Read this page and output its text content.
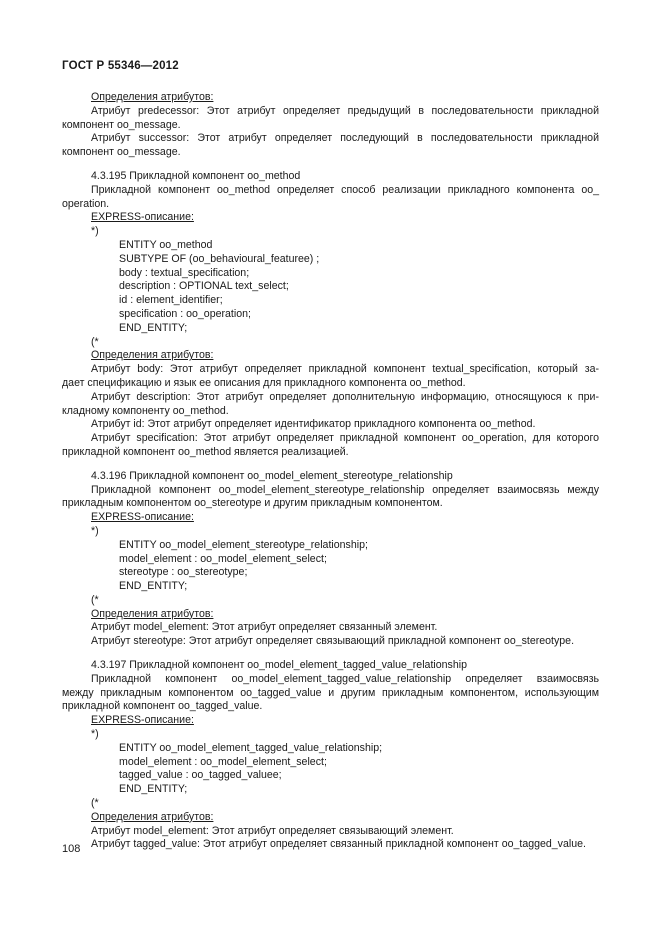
ГОСТ Р 55346—2012
Определения атрибутов:
Атрибут predecessor: Этот атрибут определяет предыдущий в последовательности прикладной
компонент oo_message.
Атрибут successor: Этот атрибут определяет последующий в последовательности прикладной
компонент oo_message.
4.3.195 Прикладной компонент oo_method
Прикладной компонент oo_method определяет способ реализации прикладного компонента oo_
operation.
EXPRESS-описание:
*)
ENTITY oo_method
SUBTYPE OF (oo_behavioural_featuree) ;
body : textual_specification;
description : OPTIONAL text_select;
id : element_identifier;
specification : oo_operation;
END_ENTITY;
(*
Определения атрибутов:
Атрибут body: Этот атрибут определяет прикладной компонент textual_specification, который за-
дает спецификацию и язык ее описания для прикладного компонента oo_method.
Атрибут description: Этот атрибут определяет дополнительную информацию, относящуюся к при-
кладному компоненту oo_method.
Атрибут id: Этот атрибут определяет идентификатор прикладного компонента oo_method.
Атрибут specification: Этот атрибут определяет прикладной компонент oo_operation, для которого
прикладной компонент oo_method является реализацией.
4.3.196 Прикладной компонент oo_model_element_stereotype_relationship
Прикладной компонент oo_model_element_stereotype_relationship определяет взаимосвязь между
прикладным компонентом oo_stereotype и другим прикладным компонентом.
EXPRESS-описание:
*)
ENTITY oo_model_element_stereotype_relationship;
model_element : oo_model_element_select;
stereotype : oo_stereotype;
END_ENTITY;
(*
Определения атрибутов:
Атрибут model_element: Этот атрибут определяет связанный элемент.
Атрибут stereotype: Этот атрибут определяет связывающий прикладной компонент oo_stereotype.
4.3.197 Прикладной компонент oo_model_element_tagged_value_relationship
Прикладной компонент oo_model_element_tagged_value_relationship определяет взаимосвязь
между прикладным компонентом oo_tagged_value и другим прикладным компонентом, использующим
прикладной компонент oo_tagged_value.
EXPRESS-описание:
*)
ENTITY oo_model_element_tagged_value_relationship;
model_element : oo_model_element_select;
tagged_value : oo_tagged_valuee;
END_ENTITY;
(*
Определения атрибутов:
Атрибут model_element: Этот атрибут определяет связывающий элемент.
Атрибут tagged_value: Этот атрибут определяет связанный прикладной компонент oo_tagged_value.
108
